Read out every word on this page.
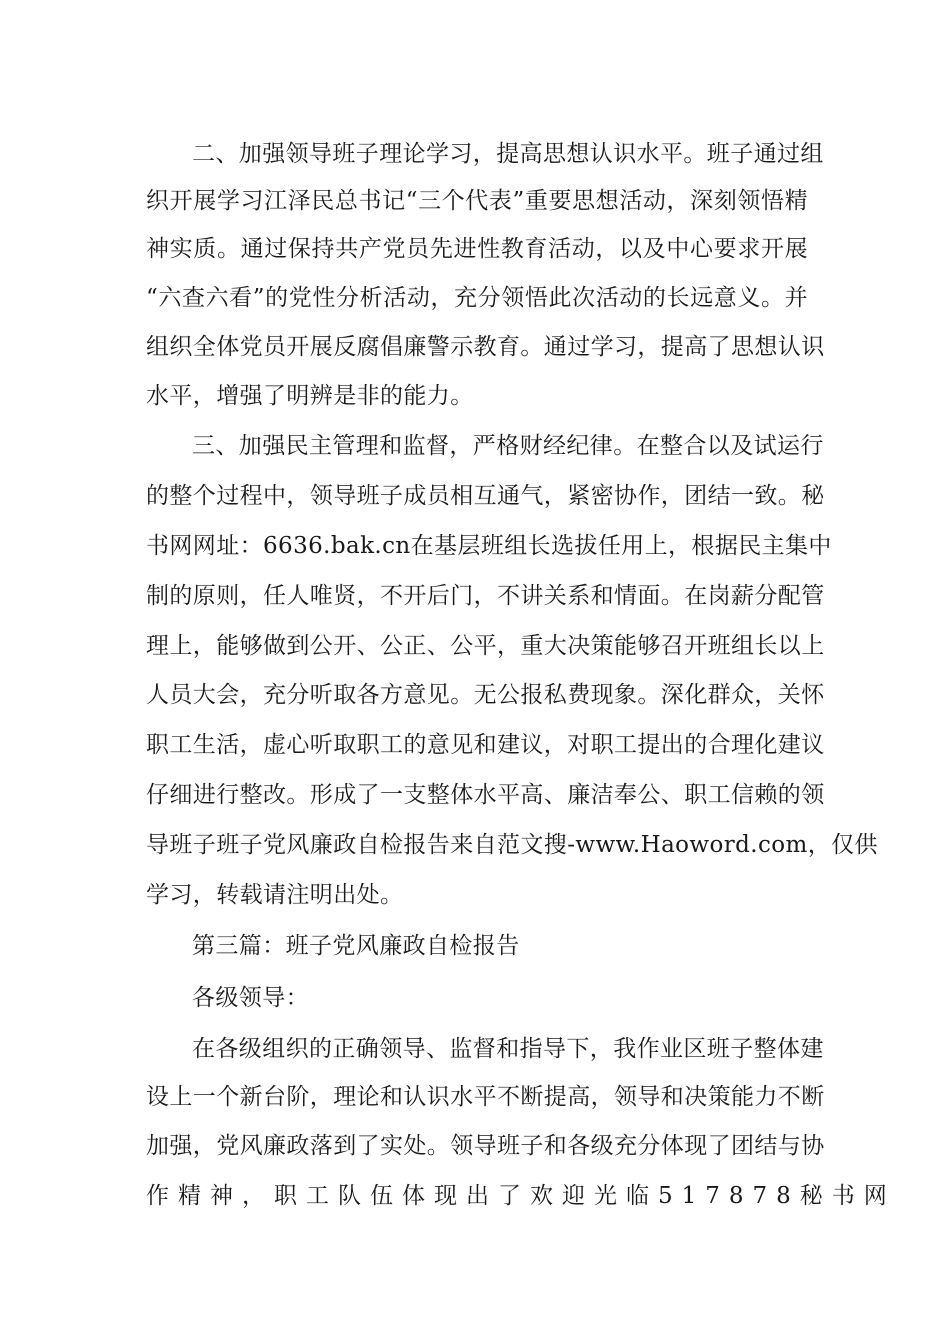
二、加强领导班子理论学习，提高思想认识水平。班子通过组

织开展学习江泽民总书记“三个代表”重要思想活动，深刻领悟精

神实质。通过保持共产党员先进性教育活动，以及中心要求开展

“六查六看”的党性分析活动，充分领悟此次活动的长远意义。并

组织全体党员开展反腐倡廉警示教育。通过学习，提高了思想认识

水平，增强了明辨是非的能力。

三、加强民主管理和监督，严格财经纪律。在整合以及试运行

的整个过程中，领导班子成员相互通气，紧密协作，团结一致。秘

书网网址：6636.bak.cn在基层班组长选拔任用上，根据民主集中

制的原则，任人唯贤，不开后门，不讲关系和情面。在岗薪分配管

理上，能够做到公开、公正、公平，重大决策能够召开班组长以上

人员大会，充分听取各方意见。无公报私费现象。深化群众，关怀

职工生活，虚心听取职工的意见和建议，对职工提出的合理化建议

仔细进行整改。形成了一支整体水平高、廉洁奉公、职工信赖的领

导班子班子党风廉政自检报告来自范文搜-www.Haoword.com，仅供

学习，转载请注明出处。

第三篇：班子党风廉政自检报告

各级领导：

在各级组织的正确领导、监督和指导下，我作业区班子整体建

设上一个新台阶，理论和认识水平不断提高，领导和决策能力不断

加强，党风廉政落到了实处。领导班子和各级充分体现了团结与协

作精神，职工队伍体现出了欢迎光临517878秘书网
